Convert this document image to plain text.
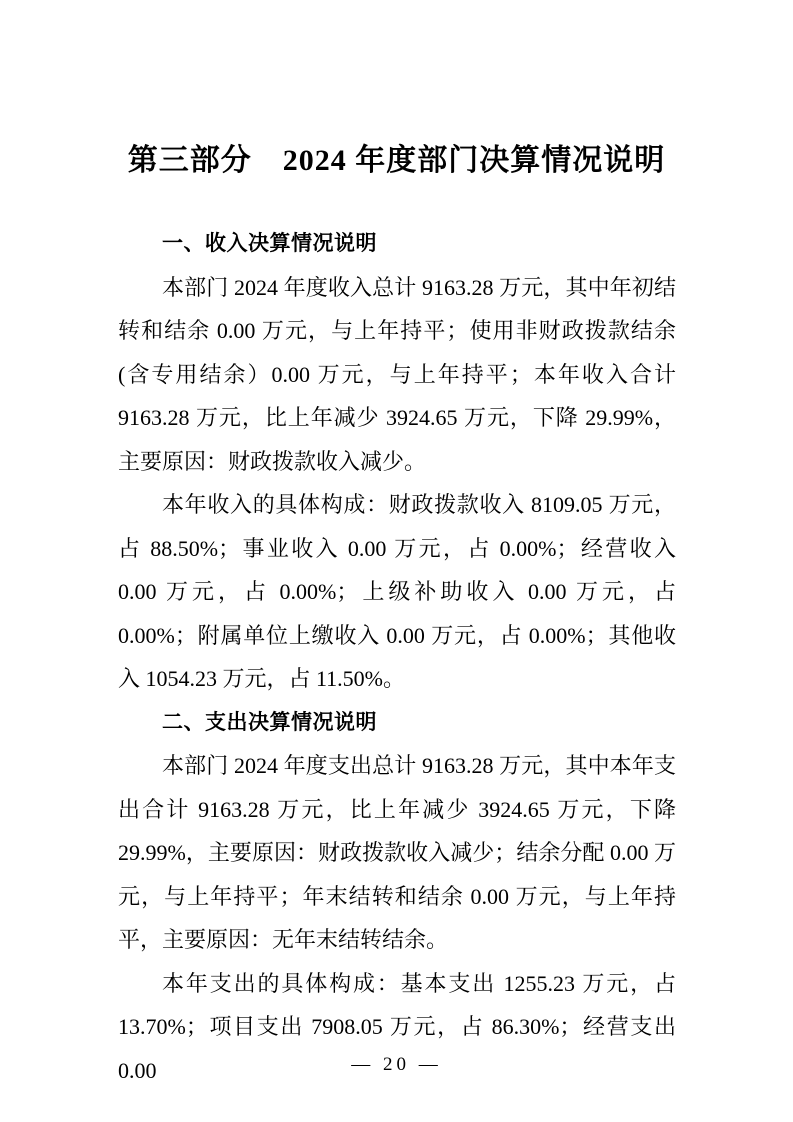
第三部分　2024 年度部门决算情况说明
一、收入决算情况说明

本部门 2024 年度收入总计 9163.28 万元，其中年初结转和结余 0.00 万元，与上年持平；使用非财政拨款结余(含专用结余）0.00 万元，与上年持平；本年收入合计 9163.28 万元，比上年减少 3924.65 万元，下降 29.99%，主要原因：财政拨款收入减少。

本年收入的具体构成：财政拨款收入 8109.05 万元，占 88.50%；事业收入 0.00 万元，占 0.00%；经营收入 0.00 万元，占 0.00%；上级补助收入 0.00 万元，占 0.00%；附属单位上缴收入 0.00 万元，占 0.00%；其他收入 1054.23 万元，占 11.50%。

二、支出决算情况说明

本部门 2024 年度支出总计 9163.28 万元，其中本年支出合计 9163.28 万元，比上年减少 3924.65 万元，下降 29.99%，主要原因：财政拨款收入减少；结余分配 0.00 万元，与上年持平；年末结转和结余 0.00 万元，与上年持平，主要原因：无年末结转结余。

本年支出的具体构成：基本支出 1255.23 万元，占 13.70%；项目支出 7908.05 万元，占 86.30%；经营支出 0.00	— 20 —
